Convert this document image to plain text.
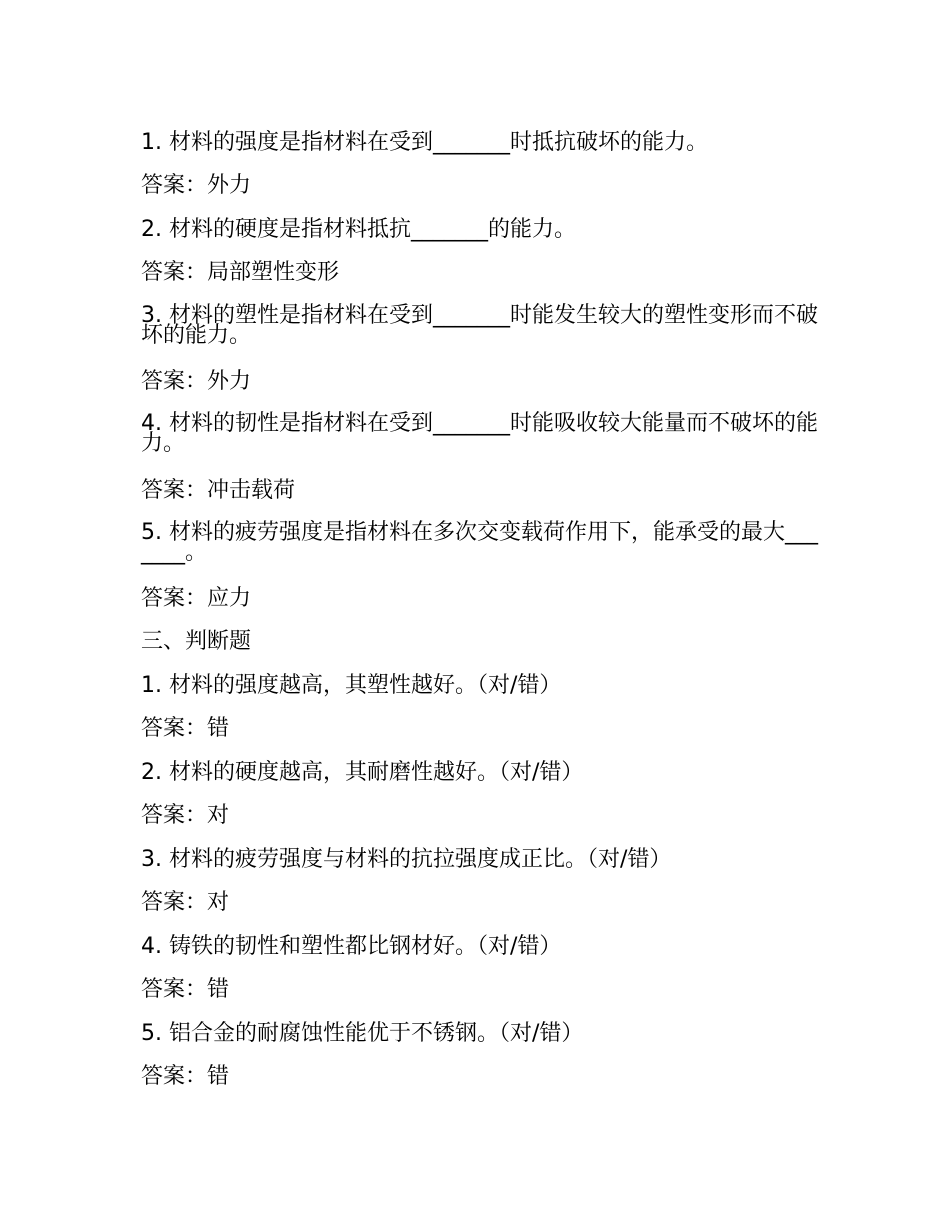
1. 材料的强度是指材料在受到_______时抵抗破坏的能力。
答案：外力
2. 材料的硬度是指材料抵抗_______的能力。
答案：局部塑性变形
3. 材料的塑性是指材料在受到_______时能发生较大的塑性变形而不破坏的能力。
答案：外力
4. 材料的韧性是指材料在受到_______时能吸收较大能量而不破坏的能力。
答案：冲击载荷
5. 材料的疲劳强度是指材料在多次交变载荷作用下，能承受的最大_______。
答案：应力
三、判断题
1. 材料的强度越高，其塑性越好。（对/错）
答案：错
2. 材料的硬度越高，其耐磨性越好。（对/错）
答案：对
3. 材料的疲劳强度与材料的抗拉强度成正比。（对/错）
答案：对
4. 铸铁的韧性和塑性都比钢材好。（对/错）
答案：错
5. 铝合金的耐腐蚀性能优于不锈钢。（对/错）
答案：错
